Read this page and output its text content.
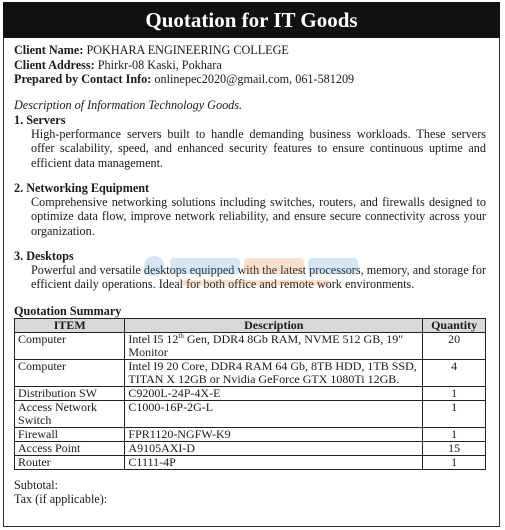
Quotation for IT Goods
Client Name: POKHARA ENGINEERING COLLEGE
Client Address: Phirkr-08 Kaski, Pokhara
Prepared by Contact Info: onlinepec2020@gmail.com, 061-581209
Description of Information Technology Goods.
1. Servers
High-performance servers built to handle demanding business workloads. These servers offer scalability, speed, and enhanced security features to ensure continuous uptime and efficient data management.
2. Networking Equipment
Comprehensive networking solutions including switches, routers, and firewalls designed to optimize data flow, improve network reliability, and ensure secure connectivity across your organization.
3. Desktops
Powerful and versatile desktops equipped with the latest processors, memory, and storage for efficient daily operations. Ideal for both office and remote work environments.
Quotation Summary
ITEM	Description	Quantity
Computer	Intel I5 12th Gen, DDR4 8Gb RAM, NVME 512 GB, 19" Monitor	20
Computer	Intel I9 20 Core, DDR4 RAM 64 Gb, 8TB HDD, 1TB SSD, TITAN X 12GB or Nvidia GeForce GTX 1080Ti 12GB.	4
Distribution SW	C9200L-24P-4X-E	1
Access Network Switch	C1000-16P-2G-L	1
Firewall	FPR1120-NGFW-K9	1
Access Point	A9105AXI-D	15
Router	C1111-4P	1
Subtotal:
Tax (if applicable):
